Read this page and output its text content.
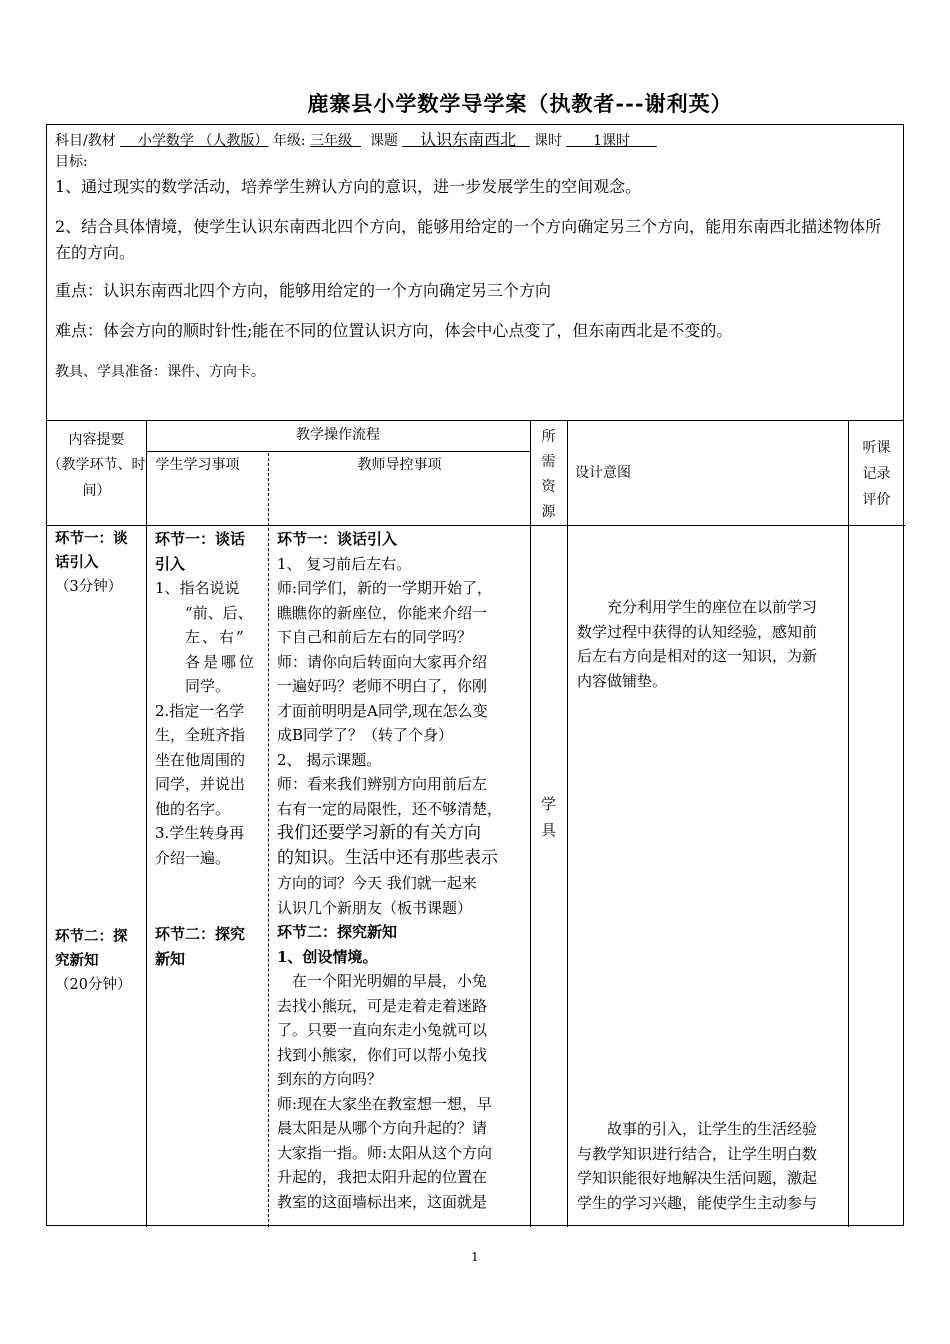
鹿寨县小学数学导学案（执教者---谢利英）
科目/教材 小学数学 （人教版） 年级: 三年级 课题 认识东南西北 课时 1课时

目标:

1、通过现实的数学活动，培养学生辨认方向的意识，进一步发展学生的空间观念。

2、结合具体情境，使学生认识东南西北四个方向，能够用给定的一个方向确定另三个方向，能用东南西北描述物体所在的方向。

重点：认识东南西北四个方向，能够用给定的一个方向确定另三个方向

难点：体会方向的顺时针性;能在不同的位置认识方向，体会中心点变了，但东南西北是不变的。

教具、学具准备：课件、方向卡。

内容提要
（教学环节、时间）
教学操作流程
学生学习事项	教师导控事项
所
需
资
源
设计意图
听课
记录
评价
环节一：谈
话引入
（3分钟）
环节二：探
究新知
（20分钟）
环节一：谈话
引入
1、指名说说
“前、后、
左、右”
各是哪位
同学。
2.指定一名学
生，全班齐指
坐在他周围的
同学，并说出
他的名字。
3.学生转身再
介绍一遍。
环节二：探究
新知
环节一：谈话引入
1、 复习前后左右。
师:同学们，新的一学期开始了，
瞧瞧你的新座位，你能来介绍一
下自己和前后左右的同学吗？
师：请你向后转面向大家再介绍
一遍好吗？老师不明白了，你刚
才面前明明是A同学,现在怎么变
成B同学了？（转了个身）
2、 揭示课题。
师：看来我们辨别方向用前后左
右有一定的局限性，还不够清楚，
我们还要学习新的有关方向
的知识。生活中还有那些表示
方向的词？今天 我们就一起来
认识几个新朋友（板书课题）
环节二：探究新知
1、创设情境。
　在一个阳光明媚的早晨，小兔
去找小熊玩，可是走着走着迷路
了。只要一直向东走小兔就可以
找到小熊家，你们可以帮小兔找
到东的方向吗？
师:现在大家坐在教室想一想，早
晨太阳是从哪个方向升起的？请
大家指一指。师:太阳从这个方向
升起的，我把太阳升起的位置在
教室的这面墙标出来，这面就是
学
具
　　充分利用学生的座位在以前学习
数学过程中获得的认知经验，感知前
后左右方向是相对的这一知识，为新
内容做铺垫。
　　故事的引入，让学生的生活经验
与教学知识进行结合，让学生明白数
学知识能很好地解决生活问题，激起
学生的学习兴趣，能使学生主动参与
1
